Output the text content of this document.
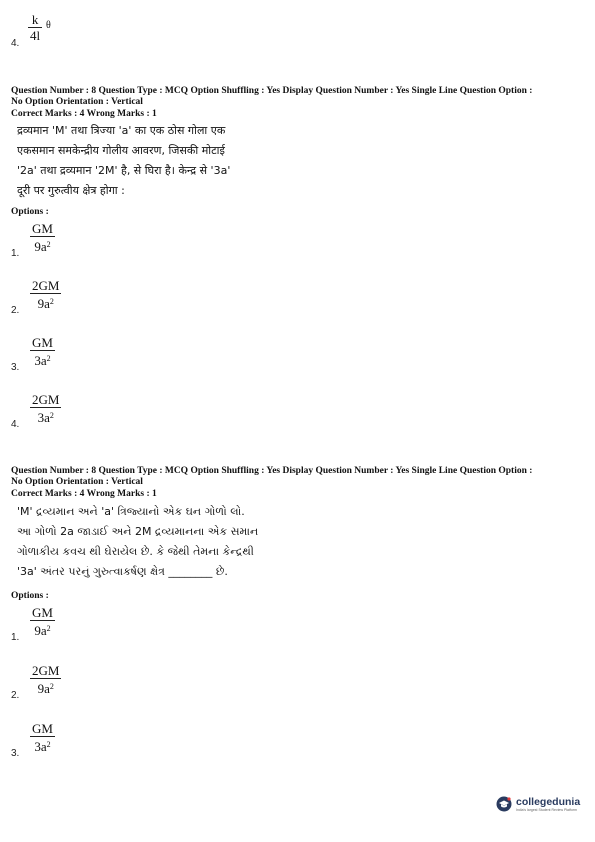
k
4l
θ
4.
Question Number : 8 Question Type : MCQ Option Shuffling : Yes Display Question Number : Yes Single Line Question Option :
No Option Orientation : Vertical
Correct Marks : 4 Wrong Marks : 1
द्रव्यमान 'M' तथा त्रिज्या 'a' का एक ठोस गोला एक
एकसमान समकेन्द्रीय गोलीय आवरण, जिसकी मोटाई
'2a' तथा द्रव्यमान '2M' है, से घिरा है। केन्द्र से '3a'
दूरी पर गुरुत्वीय क्षेत्र होगा :
Options :
GM
$9a^2$
1.
2GM
$9a^2$
2.
GM
$3a^2$
3.
2GM
$3a^2$
4.
Question Number : 8 Question Type : MCQ Option Shuffling : Yes Display Question Number : Yes Single Line Question Option :
No Option Orientation : Vertical
Correct Marks : 4 Wrong Marks : 1
'M' દ્રવ્યમાન અને 'a' ત્રિજ્યાનો એક ઘન ગોળો લો.
આ ગોળો 2a જાડાઈ અને 2M દ્રવ્યમાનના એક સમાન
ગોળાકીય કવચ થી ઘેરાયેલ છે. કે જેથી તેમના કેન્દ્રથી
'3a' અંતર પરનું ગુરુત્વાકર્ષણ ક્ષેત્ર ________ છે.
Options :
GM
$9a^2$
1.
2GM
$9a^2$
2.
GM
$3a^2$
3.
collegedunia
India's largest Student Review Platform
